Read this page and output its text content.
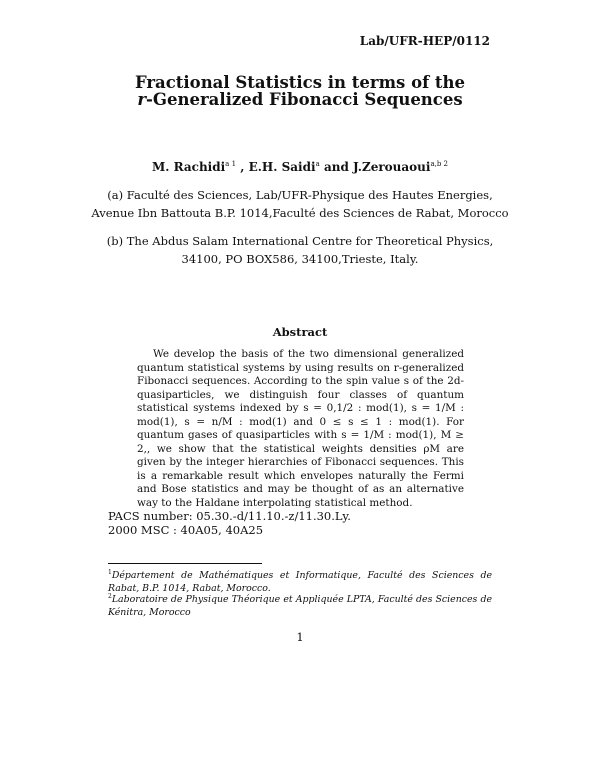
Lab/UFR-HEP/0112
Fractional Statistics in terms of the
r-Generalized Fibonacci Sequences
M. Rachidi$^{a 1}$ , E.H. Saidi$^a$ and J.Zerouaoui$^{a,b 2}$
(a) Faculté des Sciences, Lab/UFR-Physique des Hautes Energies,
Avenue Ibn Battouta B.P. 1014,Faculté des Sciences de Rabat, Morocco
(b) The Abdus Salam International Centre for Theoretical Physics,
34100, PO BOX586, 34100,Trieste, Italy.
Abstract
We develop the basis of the two dimensional generalized quantum statistical systems by using results on r-generalized Fibonacci sequences. According to the spin value s of the 2d-quasiparticles, we distinguish four classes of quantum statistical systems indexed by s = 0,1/2 : mod(1), s = 1/M : mod(1), s = n/M : mod(1) and 0 ≤ s ≤ 1 : mod(1). For quantum gases of quasiparticles with s = 1/M : mod(1), M ≥ 2,, we show that the statistical weights densities ρM are given by the integer hierarchies of Fibonacci sequences. This is a remarkable result which envelopes naturally the Fermi and Bose statistics and may be thought of as an alternative way to the Haldane interpolating statistical method.
PACS number: 05.30.-d/11.10.-z/11.30.Ly.
2000 MSC : 40A05, 40A25
$^1$Département de Mathématiques et Informatique, Faculté des Sciences de Rabat, B.P. 1014, Rabat, Morocco.
$^2$Laboratoire de Physique Théorique et Appliquée LPTA, Faculté des Sciences de Kénitra, Morocco
1
